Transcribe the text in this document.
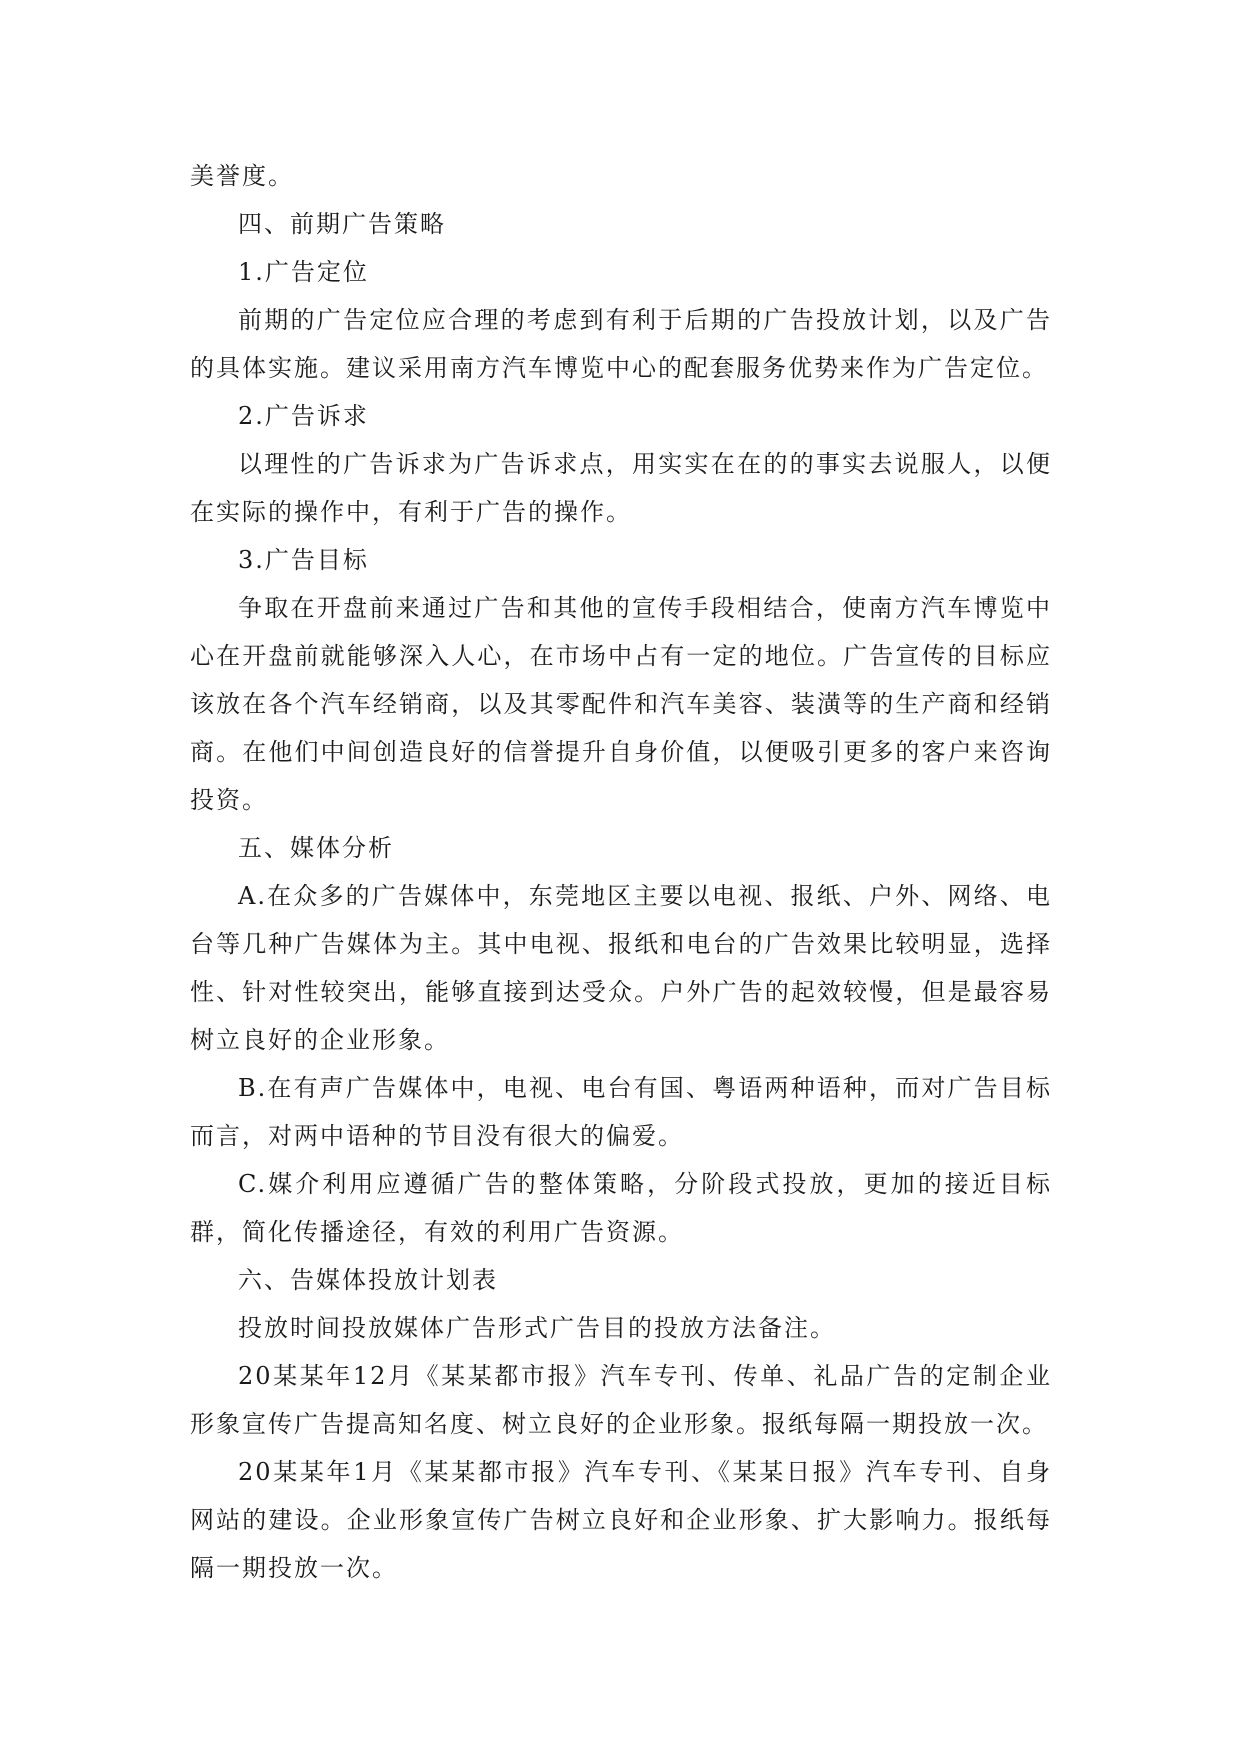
美誉度。

四、前期广告策略

1.广告定位

前期的广告定位应合理的考虑到有利于后期的广告投放计划，以及广告的具体实施。建议采用南方汽车博览中心的配套服务优势来作为广告定位。

2.广告诉求

以理性的广告诉求为广告诉求点，用实实在在的的事实去说服人，以便在实际的操作中，有利于广告的操作。

3.广告目标

争取在开盘前来通过广告和其他的宣传手段相结合，使南方汽车博览中心在开盘前就能够深入人心，在市场中占有一定的地位。广告宣传的目标应该放在各个汽车经销商，以及其零配件和汽车美容、装潢等的生产商和经销商。在他们中间创造良好的信誉提升自身价值，以便吸引更多的客户来咨询投资。

五、媒体分析

A.在众多的广告媒体中，东莞地区主要以电视、报纸、户外、网络、电台等几种广告媒体为主。其中电视、报纸和电台的广告效果比较明显，选择性、针对性较突出，能够直接到达受众。户外广告的起效较慢，但是最容易树立良好的企业形象。

B.在有声广告媒体中，电视、电台有国、粤语两种语种，而对广告目标而言，对两中语种的节目没有很大的偏爱。

C.媒介利用应遵循广告的整体策略，分阶段式投放，更加的接近目标群，简化传播途径，有效的利用广告资源。

六、告媒体投放计划表

投放时间投放媒体广告形式广告目的投放方法备注。

20某某年12月《某某都市报》汽车专刊、传单、礼品广告的定制企业形象宣传广告提高知名度、树立良好的企业形象。报纸每隔一期投放一次。

20某某年1月《某某都市报》汽车专刊、《某某日报》汽车专刊、自身网站的建设。企业形象宣传广告树立良好和企业形象、扩大影响力。报纸每隔一期投放一次。
